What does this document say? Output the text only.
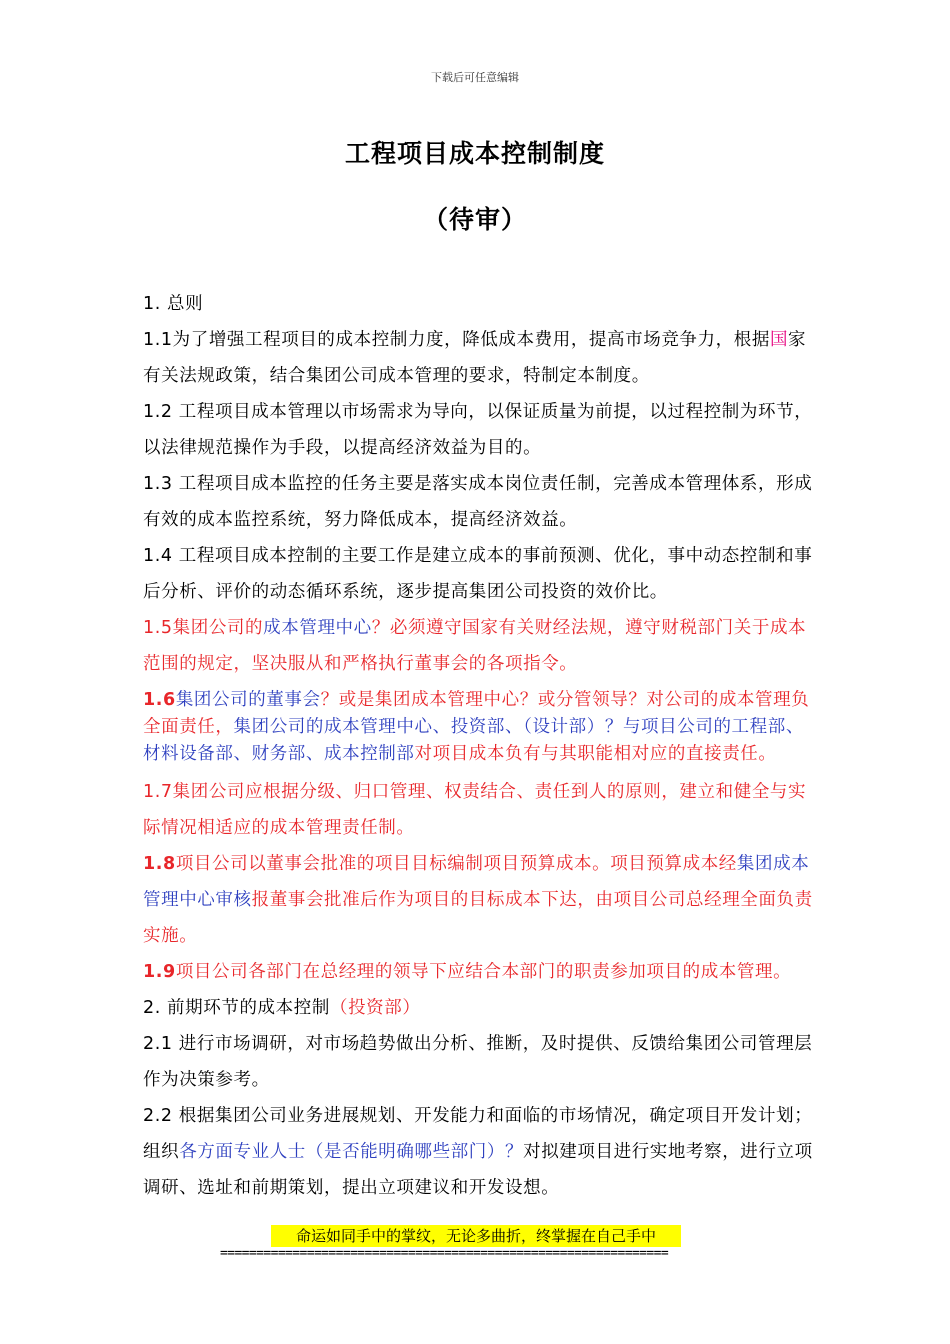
下载后可任意编辑
工程项目成本控制制度
（待审）

1. 总则

1.1为了增强工程项目的成本控制力度，降低成本费用，提高市场竞争力，根据国家有关法规政策，结合集团公司成本管理的要求，特制定本制度。

1.2 工程项目成本管理以市场需求为导向，以保证质量为前提，以过程控制为环节，以法律规范操作为手段，以提高经济效益为目的。

1.3 工程项目成本监控的任务主要是落实成本岗位责任制，完善成本管理体系，形成有效的成本监控系统，努力降低成本，提高经济效益。

1.4 工程项目成本控制的主要工作是建立成本的事前预测、优化，事中动态控制和事后分析、评价的动态循环系统，逐步提高集团公司投资的效价比。

1.5集团公司的成本管理中心？必须遵守国家有关财经法规，遵守财税部门关于成本范围的规定，坚决服从和严格执行董事会的各项指令。

1.6集团公司的董事会？或是集团成本管理中心？或分管领导？对公司的成本管理负全面责任，集团公司的成本管理中心、投资部、（设计部）？与项目公司的工程部、材料设备部、财务部、成本控制部对项目成本负有与其职能相对应的直接责任。

1.7集团公司应根据分级、归口管理、权责结合、责任到人的原则，建立和健全与实际情况相适应的成本管理责任制。

1.8项目公司以董事会批准的项目目标编制项目预算成本。项目预算成本经集团成本管理中心审核报董事会批准后作为项目的目标成本下达，由项目公司总经理全面负责实施。

1.9项目公司各部门在总经理的领导下应结合本部门的职责参加项目的成本管理。

2. 前期环节的成本控制（投资部）

2.1 进行市场调研，对市场趋势做出分析、推断，及时提供、反馈给集团公司管理层作为决策参考。

2.2 根据集团公司业务进展规划、开发能力和面临的市场情况，确定项目开发计划；组织各方面专业人士（是否能明确哪些部门）？对拟建项目进行实地考察，进行立项调研、选址和前期策划，提出立项建议和开发设想。

命运如同手中的掌纹，无论多曲折，终掌握在自己手中
==============================================================
